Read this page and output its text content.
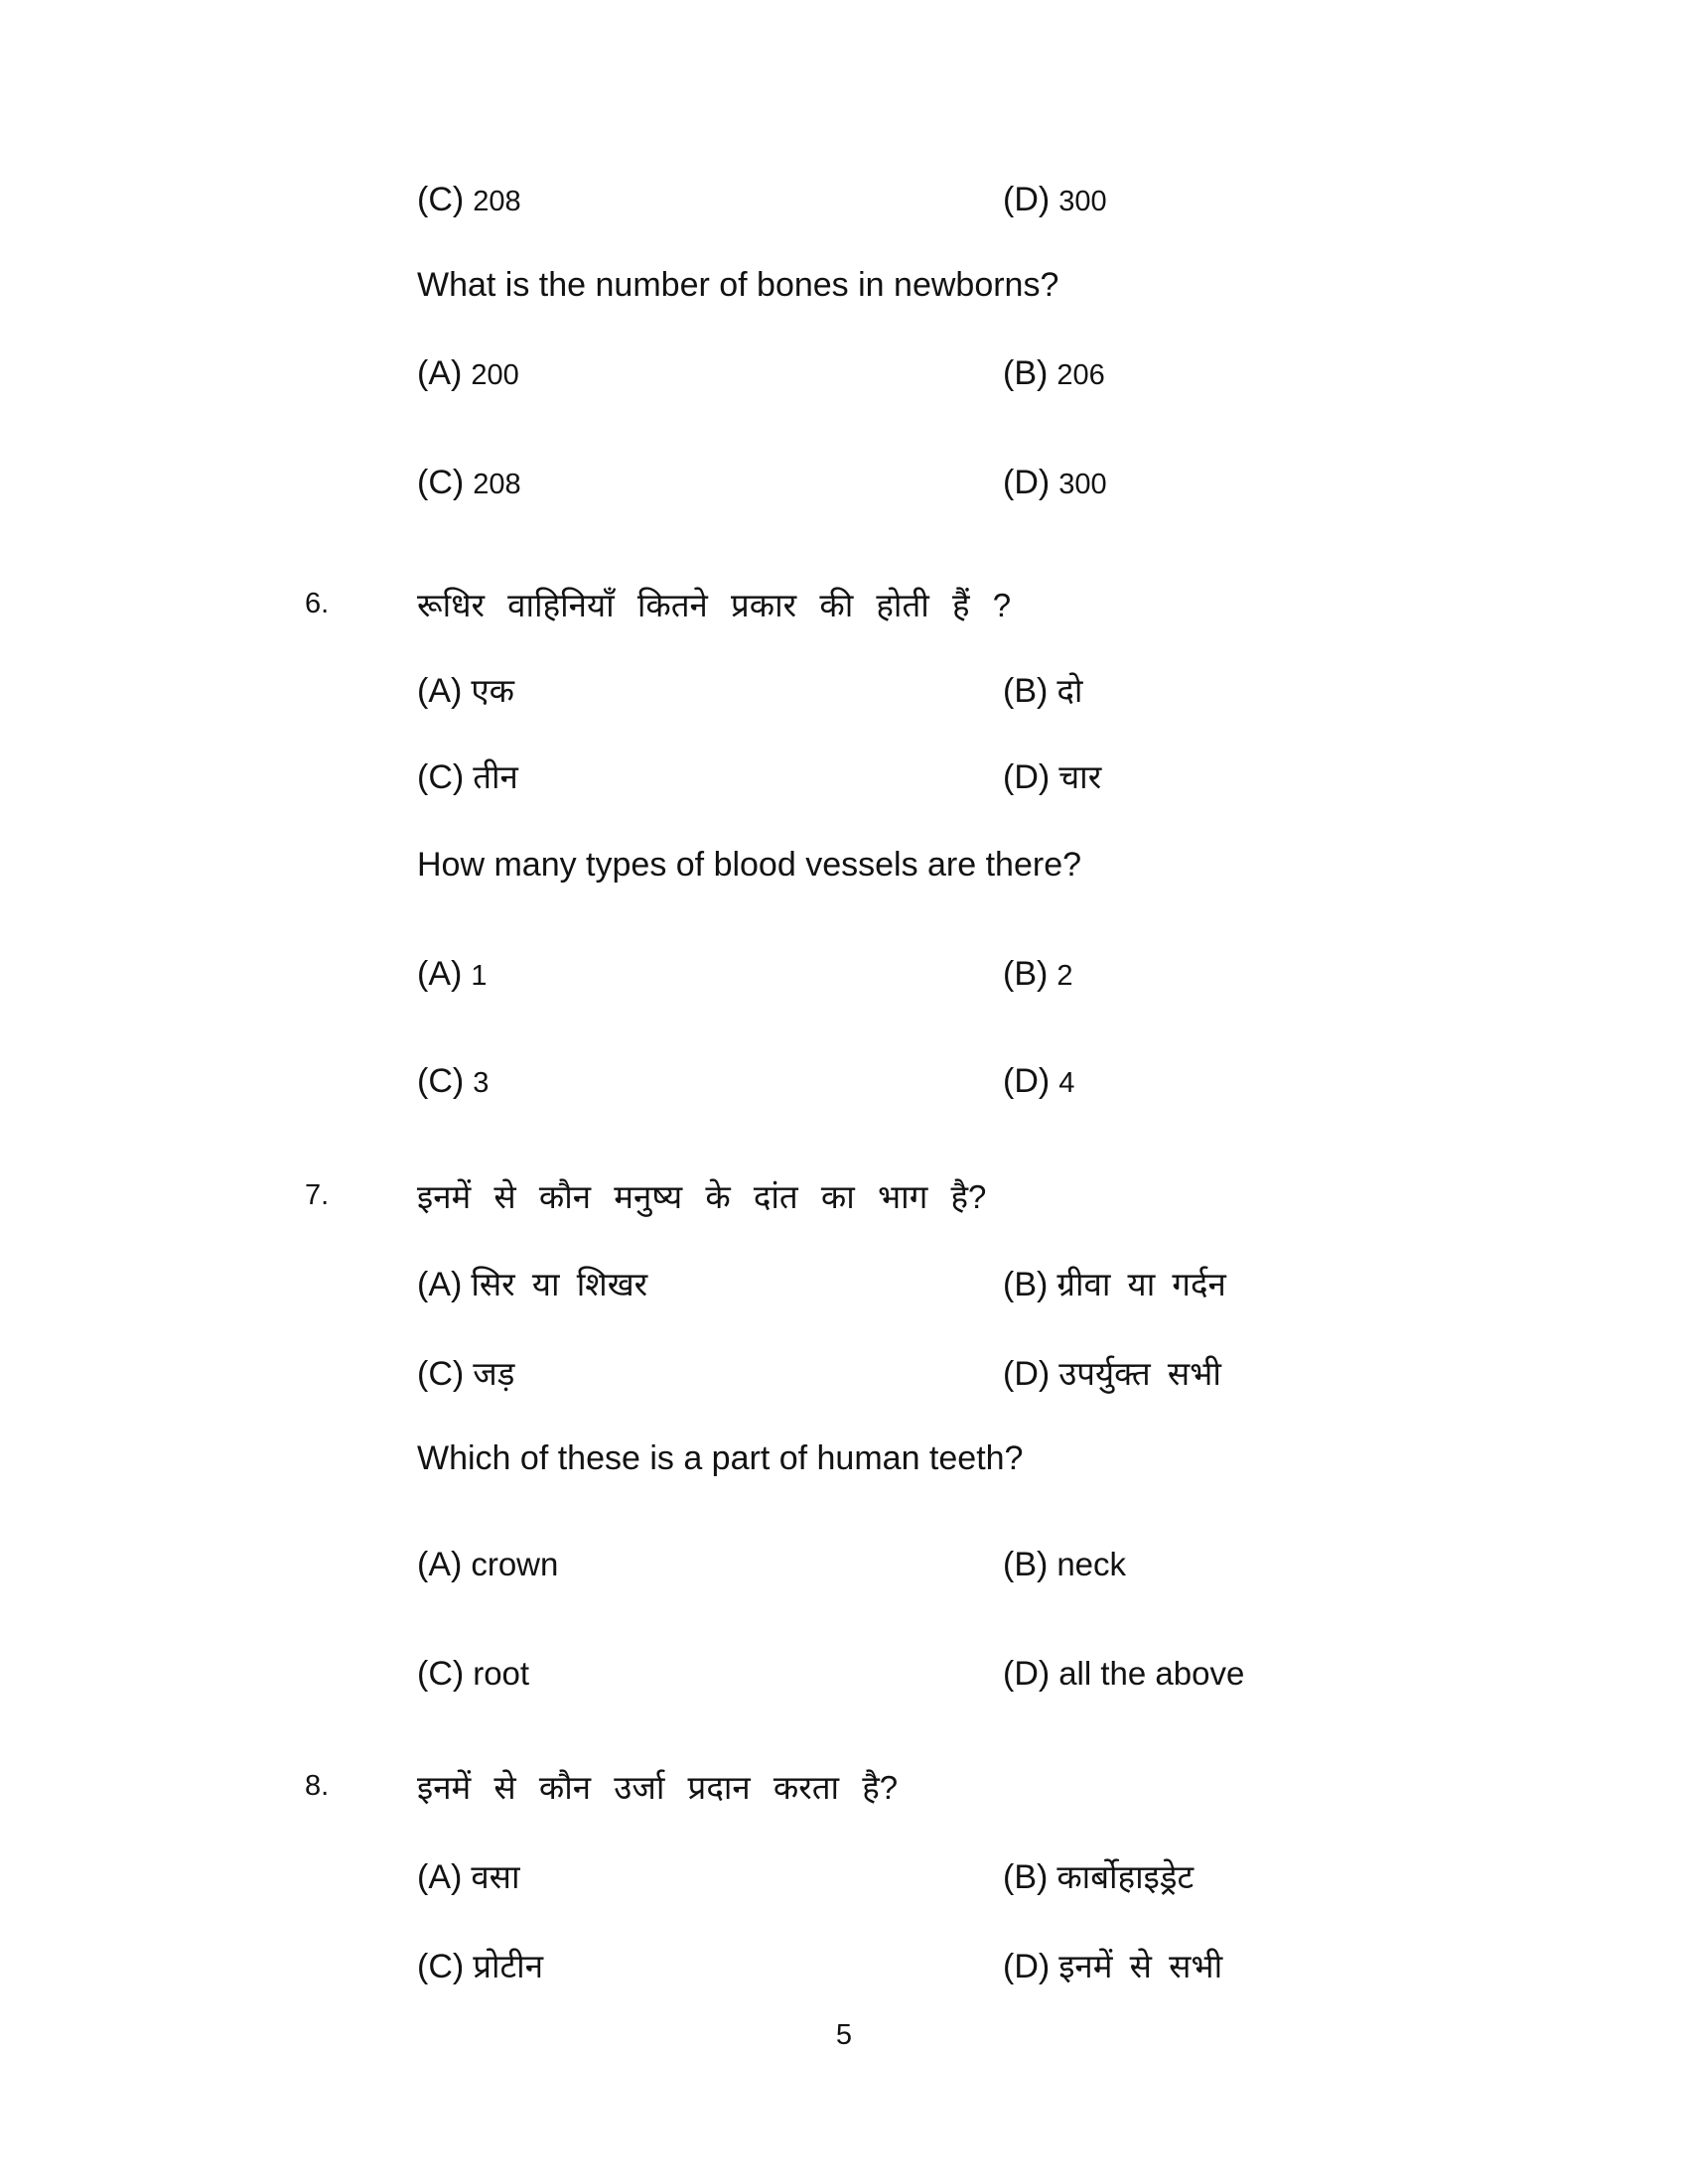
(C) 208	(D) 300
What is the number of bones in newborns?
(A) 200	(B) 206
(C) 208	(D) 300
6.	रूधिर वाहिनियाँ कितने प्रकार की होती हैं ?
(A) एक	(B) दो
(C) तीन	(D) चार
How many types of blood vessels are there?
(A) 1	(B) 2
(C) 3	(D) 4
7.	इनमें से कौन मनुष्य के दांत का भाग है?
(A) सिर या शिखर	(B) ग्रीवा या गर्दन
(C) जड़	(D) उपर्युक्त सभी
Which of these is a part of human teeth?
(A) crown	(B) neck
(C) root	(D) all the above
8.	इनमें से कौन उर्जा प्रदान करता है?
(A) वसा	(B) कार्बोहाइड्रेट
(C) प्रोटीन	(D) इनमें से सभी
5
